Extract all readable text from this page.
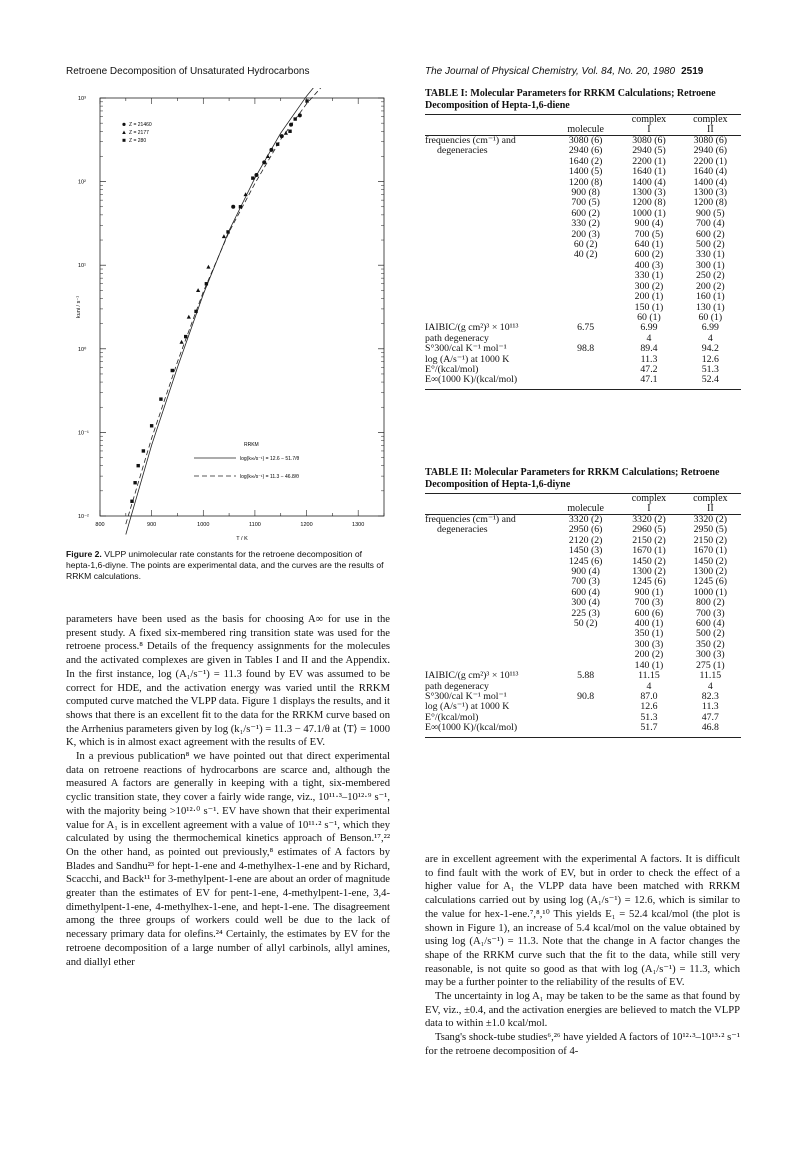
Retroene Decomposition of Unsaturated Hydrocarbons	The Journal of Physical Chemistry, Vol. 84, No. 20, 1980 2519
10⁻²
10⁻¹
10⁰
10¹
10²
10³
800	900	1000	1100	1200	1300
T / K
kuni / s⁻¹
Z = 21460
Z = 2177
Z = 280
RRKM
log(k∞/s⁻¹) = 12.6 − 51.7/θ
log(k∞/s⁻¹) = 11.3 − 46.8/θ
Figure 2. VLPP unimolecular rate constants for the retroene decomposition of hepta-1,6-diyne. The points are experimental data, and the curves are the results of RRKM calculations.

parameters have been used as the basis for choosing A∞ for use in the present study. A fixed six-membered ring transition state was used for the retroene process.⁸ Details of the frequency assignments for the molecules and the activated complexes are given in Tables I and II and the Appendix. In the first instance, log (A₁/s⁻¹) = 11.3 found by EV was assumed to be correct for HDE, and the activation energy was varied until the RRKM computed curve matched the VLPP data. Figure 1 displays the results, and it shows that there is an excellent fit to the data for the RRKM curve based on the Arrhenius parameters given by log (k₁/s⁻¹) = 11.3 − 47.1/θ at ⟨T⟩ = 1000 K, which is in almost exact agreement with the results of EV.

In a previous publication⁸ we have pointed out that direct experimental data on retroene reactions of hydrocarbons are scarce and, although the measured A factors are generally in keeping with a tight, six-membered cyclic transition state, they cover a fairly wide range, viz., 10¹¹·³–10¹²·⁹ s⁻¹, with the majority being >10¹²·⁰ s⁻¹. EV have shown that their experimental value for A₁ is in excellent agreement with a value of 10¹¹·² s⁻¹, which they calculated by using the thermochemical kinetics approach of Benson.¹⁷,²² On the other hand, as pointed out previously,⁸ estimates of A factors by Blades and Sandhu²³ for hept-1-ene and 4-methylhex-1-ene and by Richard, Scacchi, and Back¹¹ for 3-methylpent-1-ene are about an order of magnitude greater than the estimates of EV for pent-1-ene, 4-methylpent-1-ene, 3,4-dimethylpent-1-ene, 4-methylhex-1-ene, and hept-1-ene. The disagreement among the three groups of workers could well be due to the lack of necessary primary data for olefins.²⁴ Certainly, the estimates by EV for the retroene decomposition of a large number of allyl carbinols, allyl amines, and diallyl ether

TABLE I: Molecular Parameters for RRKM Calculations; Retroene Decomposition of Hepta-1,6-diene
		complex	complex
	molecule	I	II
frequencies (cm⁻¹) and	3080 (6)	3080 (6)	3080 (6)
degeneracies	2940 (6)	2940 (5)	2940 (6)
	1640 (2)	2200 (1)	2200 (1)
	1400 (5)	1640 (1)	1640 (4)
	1200 (8)	1400 (4)	1400 (4)
	900 (8)	1300 (3)	1300 (3)
	700 (5)	1200 (8)	1200 (8)
	600 (2)	1000 (1)	900 (5)
	330 (2)	900 (4)	700 (4)
	200 (3)	700 (5)	600 (2)
	60 (2)	640 (1)	500 (2)
	40 (2)	600 (2)	330 (1)
		400 (3)	300 (1)
		330 (1)	250 (2)
		300 (2)	200 (2)
		200 (1)	160 (1)
		150 (1)	130 (1)
		60 (1)	60 (1)
IAIBIC/(g cm²)³ × 10¹¹³	6.75	6.99	6.99
path degeneracy		4	4
S°300/cal K⁻¹ mol⁻¹	98.8	89.4	94.2
log (A/s⁻¹) at 1000 K		11.3	12.6
E°/(kcal/mol)		47.2	51.3
E∞(1000 K)/(kcal/mol)		47.1	52.4
TABLE II: Molecular Parameters for RRKM Calculations; Retroene Decomposition of Hepta-1,6-diyne
		complex	complex
	molecule	I	II
frequencies (cm⁻¹) and	3320 (2)	3320 (2)	3320 (2)
degeneracies	2950 (6)	2960 (5)	2950 (5)
	2120 (2)	2150 (2)	2150 (2)
	1450 (3)	1670 (1)	1670 (1)
	1245 (6)	1450 (2)	1450 (2)
	900 (4)	1300 (2)	1300 (2)
	700 (3)	1245 (6)	1245 (6)
	600 (4)	900 (1)	1000 (1)
	300 (4)	700 (3)	800 (2)
	225 (3)	600 (6)	700 (3)
	50 (2)	400 (1)	600 (4)
		350 (1)	500 (2)
		300 (3)	350 (2)
		200 (2)	300 (3)
		140 (1)	275 (1)
IAIBIC/(g cm²)³ × 10¹¹³	5.88	11.15	11.15
path degeneracy		4	4
S°300/cal K⁻¹ mol⁻¹	90.8	87.0	82.3
log (A/s⁻¹) at 1000 K		12.6	11.3
E°/(kcal/mol)		51.3	47.7
E∞(1000 K)/(kcal/mol)		51.7	46.8

are in excellent agreement with the experimental A factors. It is difficult to find fault with the work of EV, but in order to check the effect of a higher value for A₁ the VLPP data have been matched with RRKM calculations carried out by using log (A₁/s⁻¹) = 12.6, which is similar to the value for hex-1-ene.⁷,⁸,¹⁰ This yields E₁ = 52.4 kcal/mol (the plot is shown in Figure 1), an increase of 5.4 kcal/mol on the value obtained by using log (A₁/s⁻¹) = 11.3. Note that the change in A factor changes the shape of the RRKM curve such that the fit to the data, while still very reasonable, is not quite so good as that with log (A₁/s⁻¹) = 11.3, which may be a further pointer to the reliability of the results of EV.

The uncertainty in log A₁ may be taken to be the same as that found by EV, viz., ±0.4, and the activation energies are believed to match the VLPP data to within ±1.0 kcal/mol.

Tsang's shock-tube studies⁶,²⁶ have yielded A factors of 10¹²·³–10¹³·² s⁻¹ for the retroene decomposition of 4-
